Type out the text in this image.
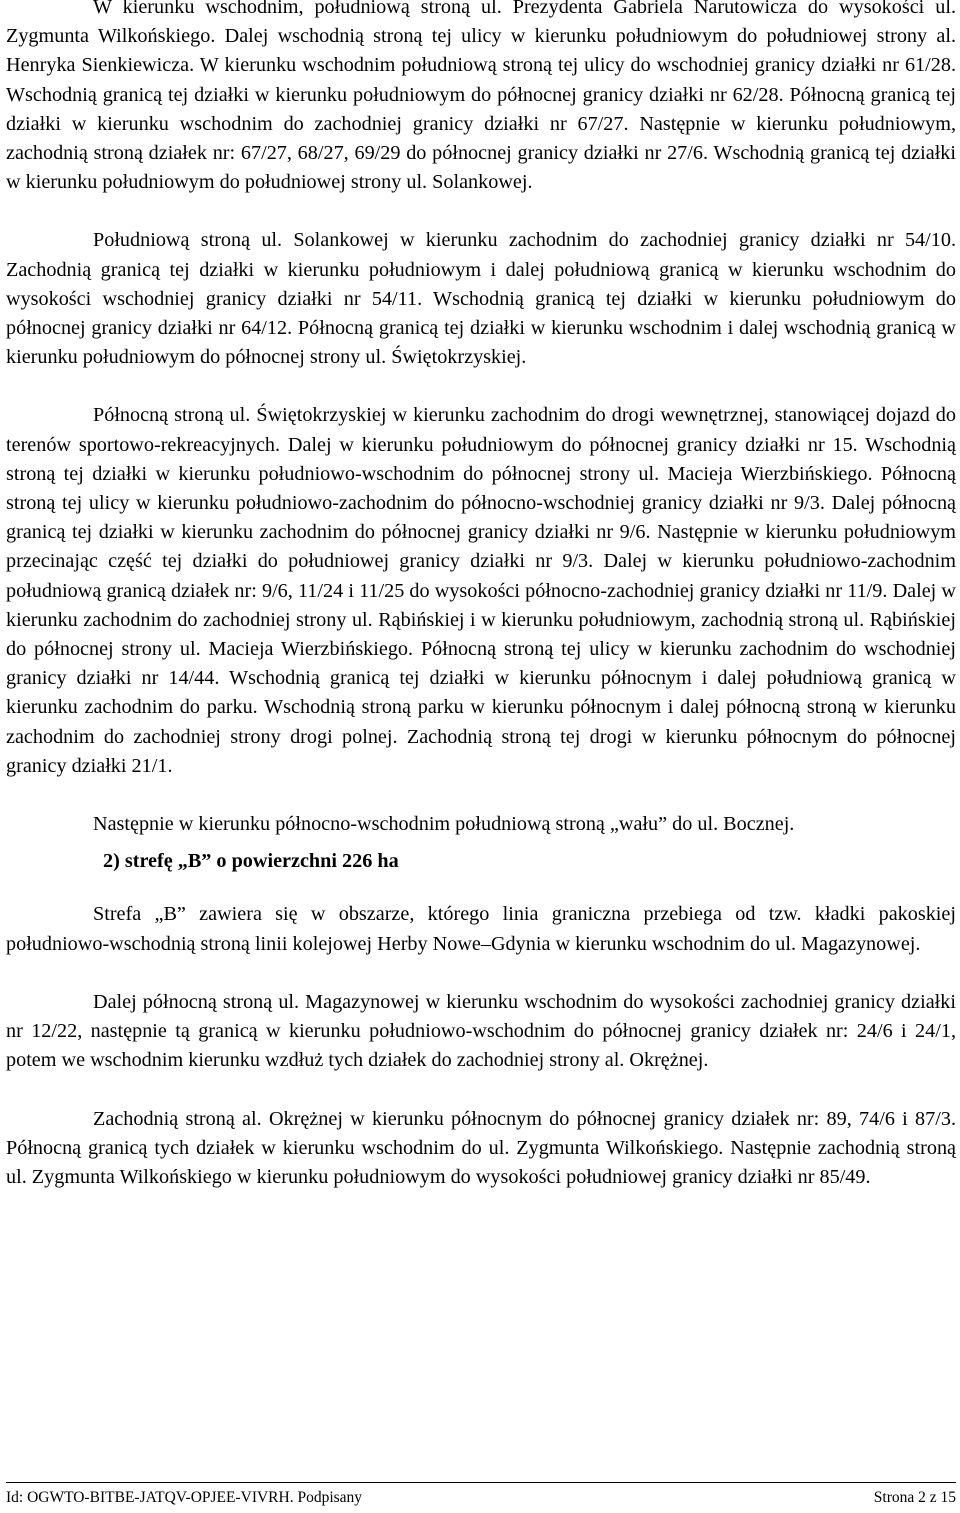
W kierunku wschodnim, południową stroną ul. Prezydenta Gabriela Narutowicza do wysokości ul. Zygmunta Wilkońskiego. Dalej wschodnią stroną tej ulicy w kierunku południowym do południowej strony al. Henryka Sienkiewicza. W kierunku wschodnim południową stroną tej ulicy do wschodniej granicy działki nr 61/28. Wschodnią granicą tej działki w kierunku południowym do północnej granicy działki nr 62/28. Północną granicą tej działki w kierunku wschodnim do zachodniej granicy działki nr 67/27. Następnie w kierunku południowym, zachodnią stroną działek nr: 67/27, 68/27, 69/29 do północnej granicy działki nr 27/6. Wschodnią granicą tej działki w kierunku południowym do południowej strony ul. Solankowej.

Południową stroną ul. Solankowej w kierunku zachodnim do zachodniej granicy działki nr 54/10. Zachodnią granicą tej działki w kierunku południowym i dalej południową granicą w kierunku wschodnim do wysokości wschodniej granicy działki nr 54/11. Wschodnią granicą tej działki w kierunku południowym do północnej granicy działki nr 64/12. Północną granicą tej działki w kierunku wschodnim i dalej wschodnią granicą w kierunku południowym do północnej strony ul. Świętokrzyskiej.

Północną stroną ul. Świętokrzyskiej w kierunku zachodnim do drogi wewnętrznej, stanowiącej dojazd do terenów sportowo-rekreacyjnych. Dalej w kierunku południowym do północnej granicy działki nr 15. Wschodnią stroną tej działki w kierunku południowo-wschodnim do północnej strony ul. Macieja Wierzbińskiego. Północną stroną tej ulicy w kierunku południowo-zachodnim do północno-wschodniej granicy działki nr 9/3. Dalej północną granicą tej działki w kierunku zachodnim do północnej granicy działki nr 9/6. Następnie w kierunku południowym przecinając część tej działki do południowej granicy działki nr 9/3. Dalej w kierunku południowo-zachodnim południową granicą działek nr: 9/6, 11/24 i 11/25 do wysokości północno-zachodniej granicy działki nr 11/9. Dalej w kierunku zachodnim do zachodniej strony ul. Rąbińskiej i w kierunku południowym, zachodnią stroną ul. Rąbińskiej do północnej strony ul. Macieja Wierzbińskiego. Północną stroną tej ulicy w kierunku zachodnim do wschodniej granicy działki nr 14/44. Wschodnią granicą tej działki w kierunku północnym i dalej południową granicą w kierunku zachodnim do parku. Wschodnią stroną parku w kierunku północnym i dalej północną stroną w kierunku zachodnim do zachodniej strony drogi polnej. Zachodnią stroną tej drogi w kierunku północnym do północnej granicy działki 21/1.

Następnie w kierunku północno-wschodnim południową stroną „wału” do ul. Bocznej.

2) strefę „B” o powierzchni 226 ha

Strefa „B” zawiera się w obszarze, którego linia graniczna przebiega od tzw. kładki pakoskiej południowo-wschodnią stroną linii kolejowej Herby Nowe–Gdynia w kierunku wschodnim do ul. Magazynowej.

Dalej północną stroną ul. Magazynowej w kierunku wschodnim do wysokości zachodniej granicy działki nr 12/22, następnie tą granicą w kierunku południowo-wschodnim do północnej granicy działek nr: 24/6 i 24/1, potem we wschodnim kierunku wzdłuż tych działek do zachodniej strony al. Okrężnej.

Zachodnią stroną al. Okrężnej w kierunku północnym do północnej granicy działek nr: 89, 74/6 i 87/3. Północną granicą tych działek w kierunku wschodnim do ul. Zygmunta Wilkońskiego. Następnie zachodnią stroną ul. Zygmunta Wilkońskiego w kierunku południowym do wysokości południowej granicy działki nr 85/49.

Id: OGWTO-BITBE-JATQV-OPJEE-VIVRH. Podpisany	Strona 2 z 15
